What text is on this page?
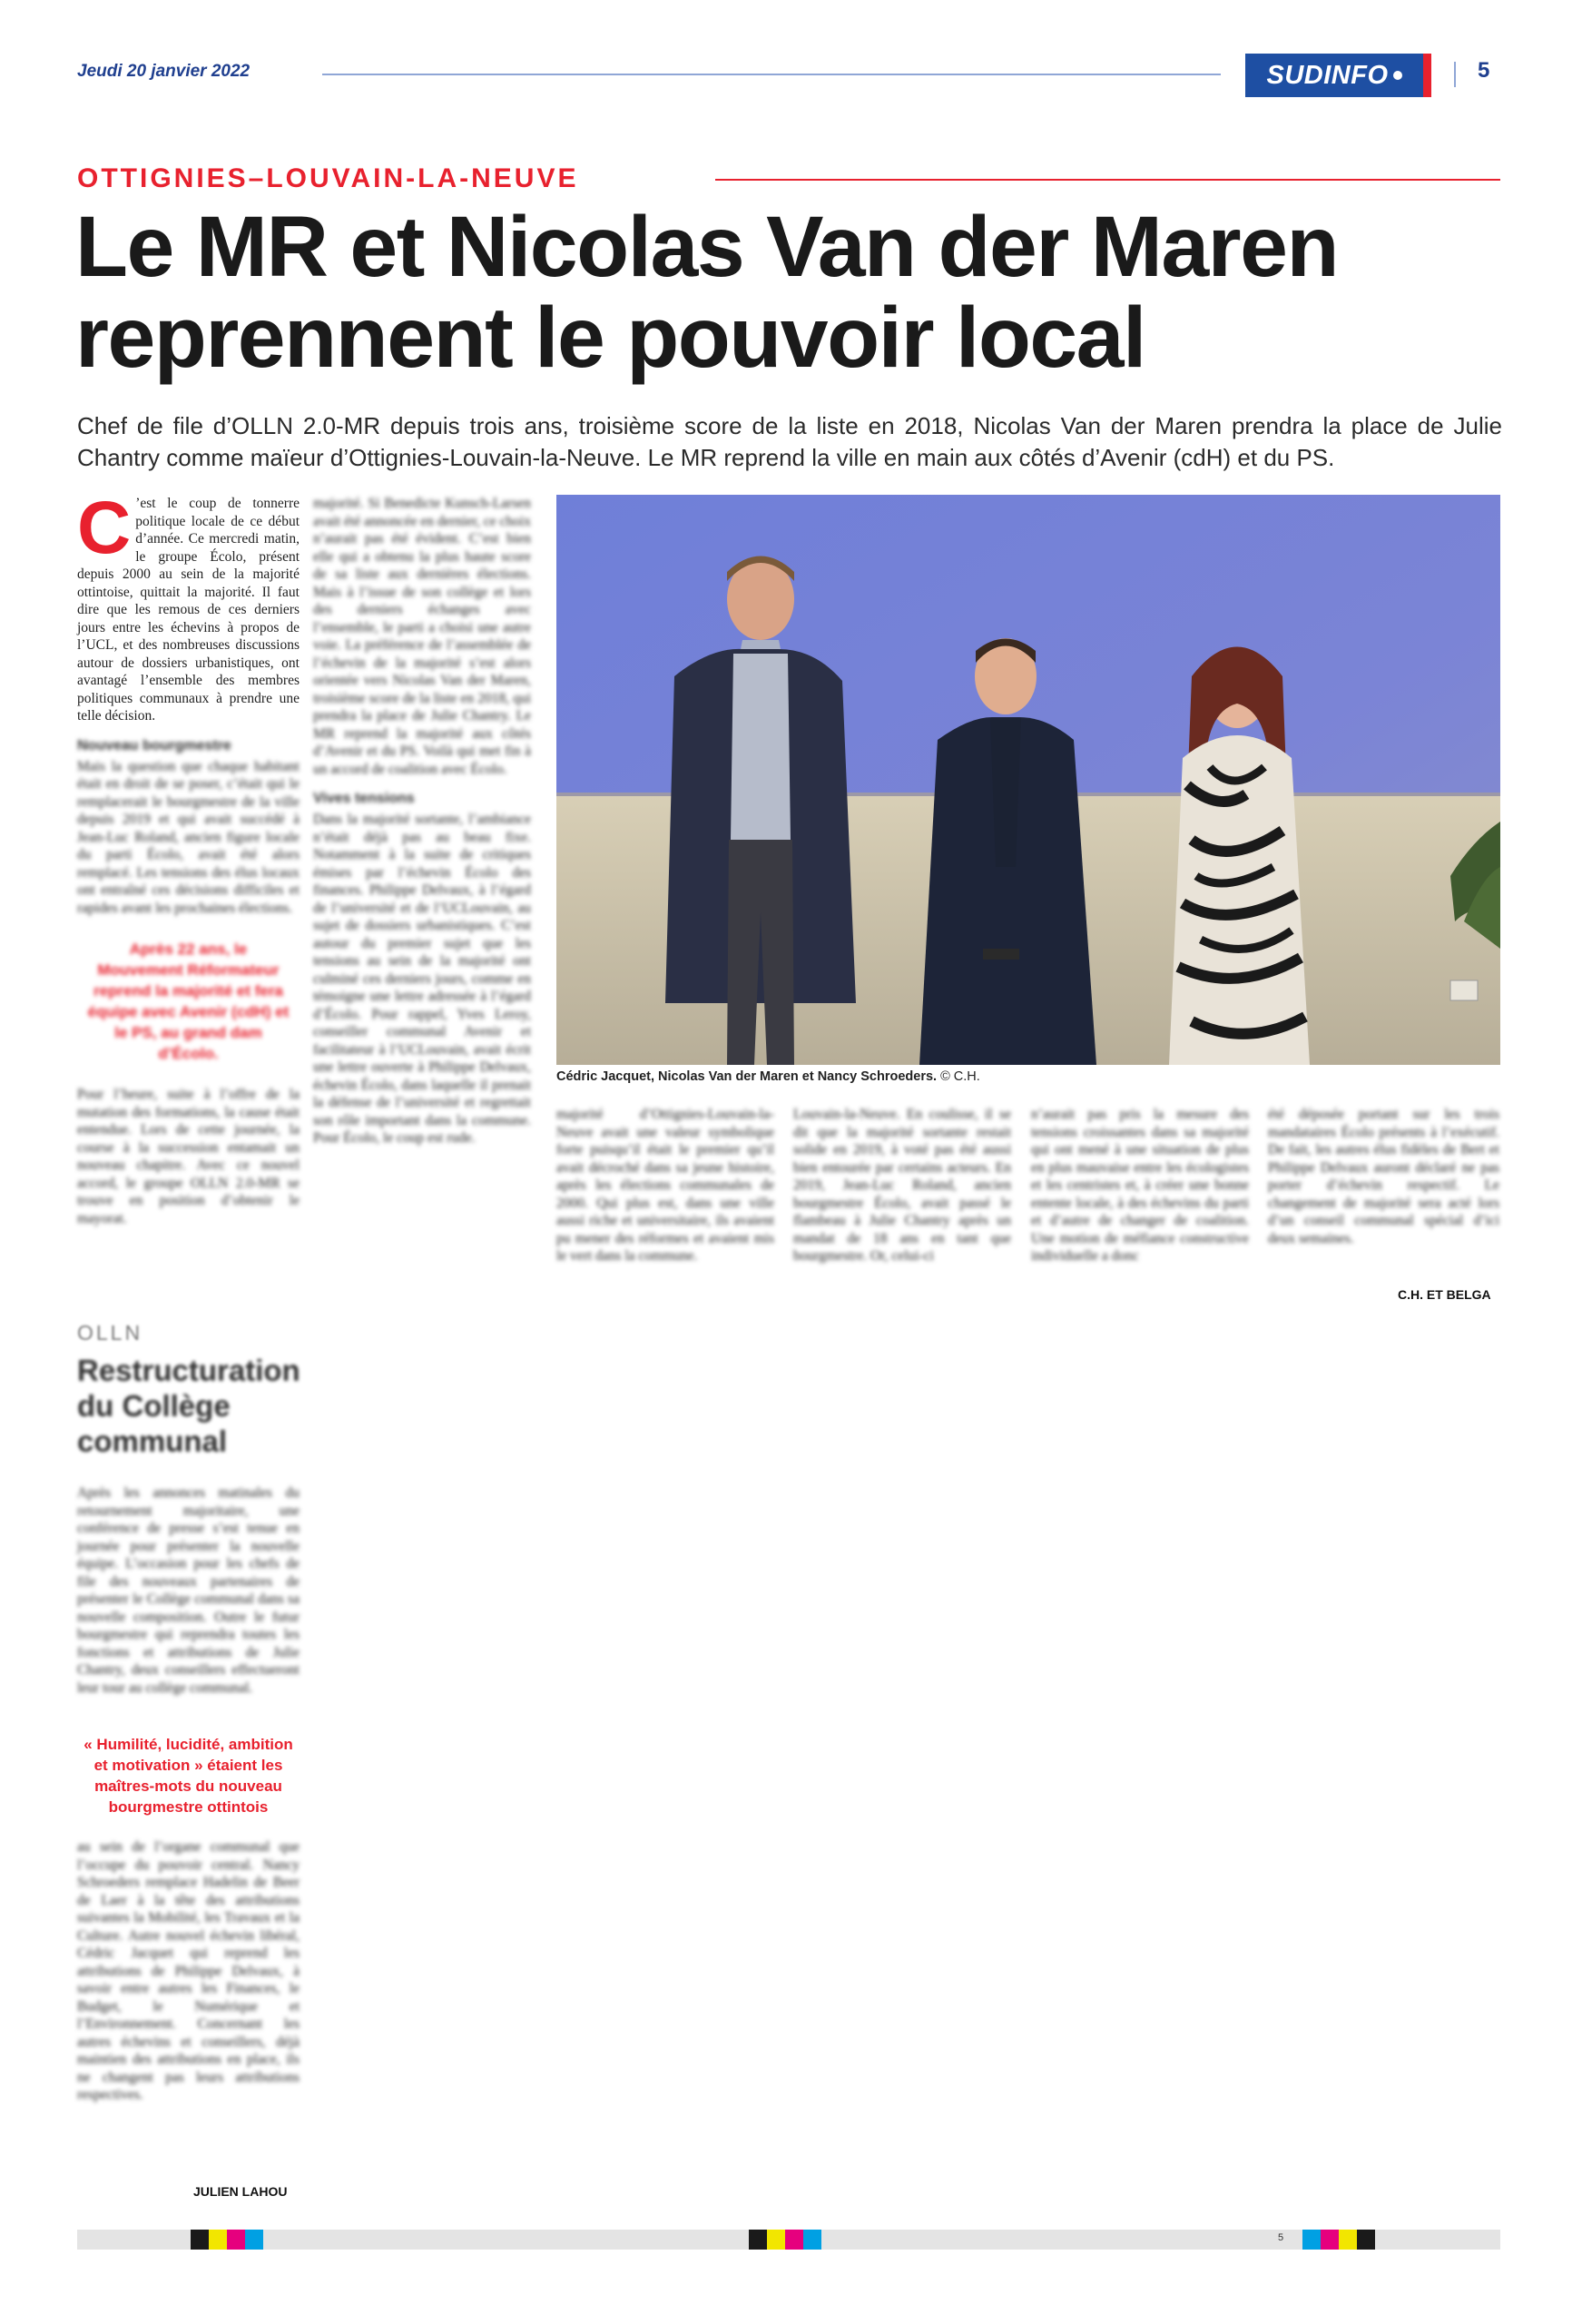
Jeudi 20 janvier 2022	SUDINFO	5
OTTIGNIES–LOUVAIN-LA-NEUVE
Le MR et Nicolas Van der Maren
reprennent le pouvoir local
Chef de file d’OLLN 2.0-MR depuis trois ans, troisième score de la liste en 2018, Nicolas Van der Maren prendra la place de Julie Chantry comme maïeur d’Ottignies-Louvain-la-Neuve. Le MR reprend la ville en main aux côtés d’Avenir (cdH) et du PS.
C ’est le coup de tonnerre politique locale de ce début d’année. Ce mercredi matin, le groupe Écolo, présent depuis 2000 au sein de la majorité ottintoise, quittait la majorité. Il faut dire que les remous de ces derniers jours entre les échevins à propos de l’UCL, et des nombreuses discussions autour de dossiers urbanistiques, ont avantagé l’ensemble des membres politiques communaux à prendre une telle décision.

Nouveau bourgmestre

Mais la question que chaque habitant était en droit de se poser, c’était qui le remplacerait le bourgmestre de la ville depuis 2019 et qui avait succédé à Jean-Luc Roland, ancien figure locale du parti Écolo, avait été alors remplacé. Les tensions des élus locaux ont entraîné ces décisions difficiles et rapides avant les prochaines élections.

Après 22 ans, le Mouvement Réformateur reprend la majorité et fera équipe avec Avenir (cdH) et le PS, au grand dam d’Écolo.

Pour l’heure, suite à l’offre de la mutation des formations, la cause était entendue. Lors de cette journée, la course à la succession entamait un nouveau chapitre. Avec ce nouvel accord, le groupe OLLN 2.0-MR se trouve en position d’obtenir le mayorat.

majorité. Si Benedicte Kunsch-Larsen avait été annoncée en dernier, ce choix n’aurait pas été évident. C’est bien elle qui a obtenu la plus haute score de sa liste aux dernières élections. Mais à l’issue de son collège et lors des derniers échanges avec l’ensemble, le parti a choisi une autre voie. La préférence de l’assemblée de l’échevin de la majorité s’est alors orientée vers Nicolas Van der Maren, troisième score de la liste en 2018, qui prendra la place de Julie Chantry. Le MR reprend la majorité aux côtés d’Avenir et du PS. Voilà qui met fin à un accord de coalition avec Écolo.

Vives tensions

Dans la majorité sortante, l’ambiance n’était déjà pas au beau fixe. Notamment à la suite de critiques émises par l’échevin Écolo des finances. Philippe Delvaux, à l’égard de l’université et de l’UCLouvain, au sujet de dossiers urbanistiques. C’est autour du premier sujet que les tensions au sein de la majorité ont culminé ces derniers jours, comme en témoigne une lettre adressée à l’égard d’Écolo. Pour rappel, Yves Leroy, conseiller communal Avenir et facilitateur à l’UCLouvain, avait écrit une lettre ouverte à Philippe Delvaux, échevin Écolo, dans laquelle il prenait la défense de l’université et regrettait son rôle important dans la commune. Pour Écolo, le coup est rude.

Cédric Jacquet, Nicolas Van der Maren et Nancy Schroeders. © C.H.

majorité d’Ottignies-Louvain-la-Neuve avait une valeur symbolique forte puisqu’il était le premier qu’il avait décroché dans sa jeune histoire, après les élections communales de 2000. Qui plus est, dans une ville aussi riche et universitaire, ils avaient pu mener des réformes et avaient mis le vert dans la commune.

Louvain-la-Neuve. En coulisse, il se dit que la majorité sortante restait solide en 2019, à voté pas été aussi bien entourée par certains acteurs. En 2019, Jean-Luc Roland, ancien bourgmestre Écolo, avait passé le flambeau à Julie Chantry après un mandat de 18 ans en tant que bourgmestre. Or, celui-ci

n’aurait pas pris la mesure des tensions croissantes dans sa majorité qui ont mené à une situation de plus en plus mauvaise entre les écologistes et les centristes et, à créer une bonne entente locale, à des échevins du parti et d’autre de changer de coalition. Une motion de méfiance constructive individuelle a donc

été déposée portant sur les trois mandataires Écolo présents à l’exécutif. De fait, les autres élus fidèles de Bert et Philippe Delvaux auront déclaré ne pas porter d’échevin respectif. Le changement de majorité sera acté lors d’un conseil communal spécial d’ici deux semaines.

C.H. ET BELGA
OLLN
Restructuration du Collège communal

Après les annonces matinales du retournement majoritaire, une conférence de presse s’est tenue en journée pour présenter la nouvelle équipe. L’occasion pour les chefs de file des nouveaux partenaires de présenter le Collège communal dans sa nouvelle composition. Outre le futur bourgmestre qui reprendra toutes les fonctions et attributions de Julie Chantry, deux conseillers effectueront leur tour au collège communal.

« Humilité, lucidité, ambition et motivation » étaient les maîtres-mots du nouveau bourgmestre ottintois

au sein de l’organe communal que l’occupe du pouvoir central. Nancy Schroeders remplace Hadelin de Beer de Laer à la tête des attributions suivantes la Mobilité, les Travaux et la Culture. Autre nouvel échevin libéral, Cédric Jacquet qui reprend les attributions de Philippe Delvaux, à savoir entre autres les Finances, le Budget, le Numérique et l’Environnement. Concernant les autres échevins et conseillers, déjà maintien des attributions en place, ils ne changent pas leurs attributions respectives.

JULIEN LAHOU
5
